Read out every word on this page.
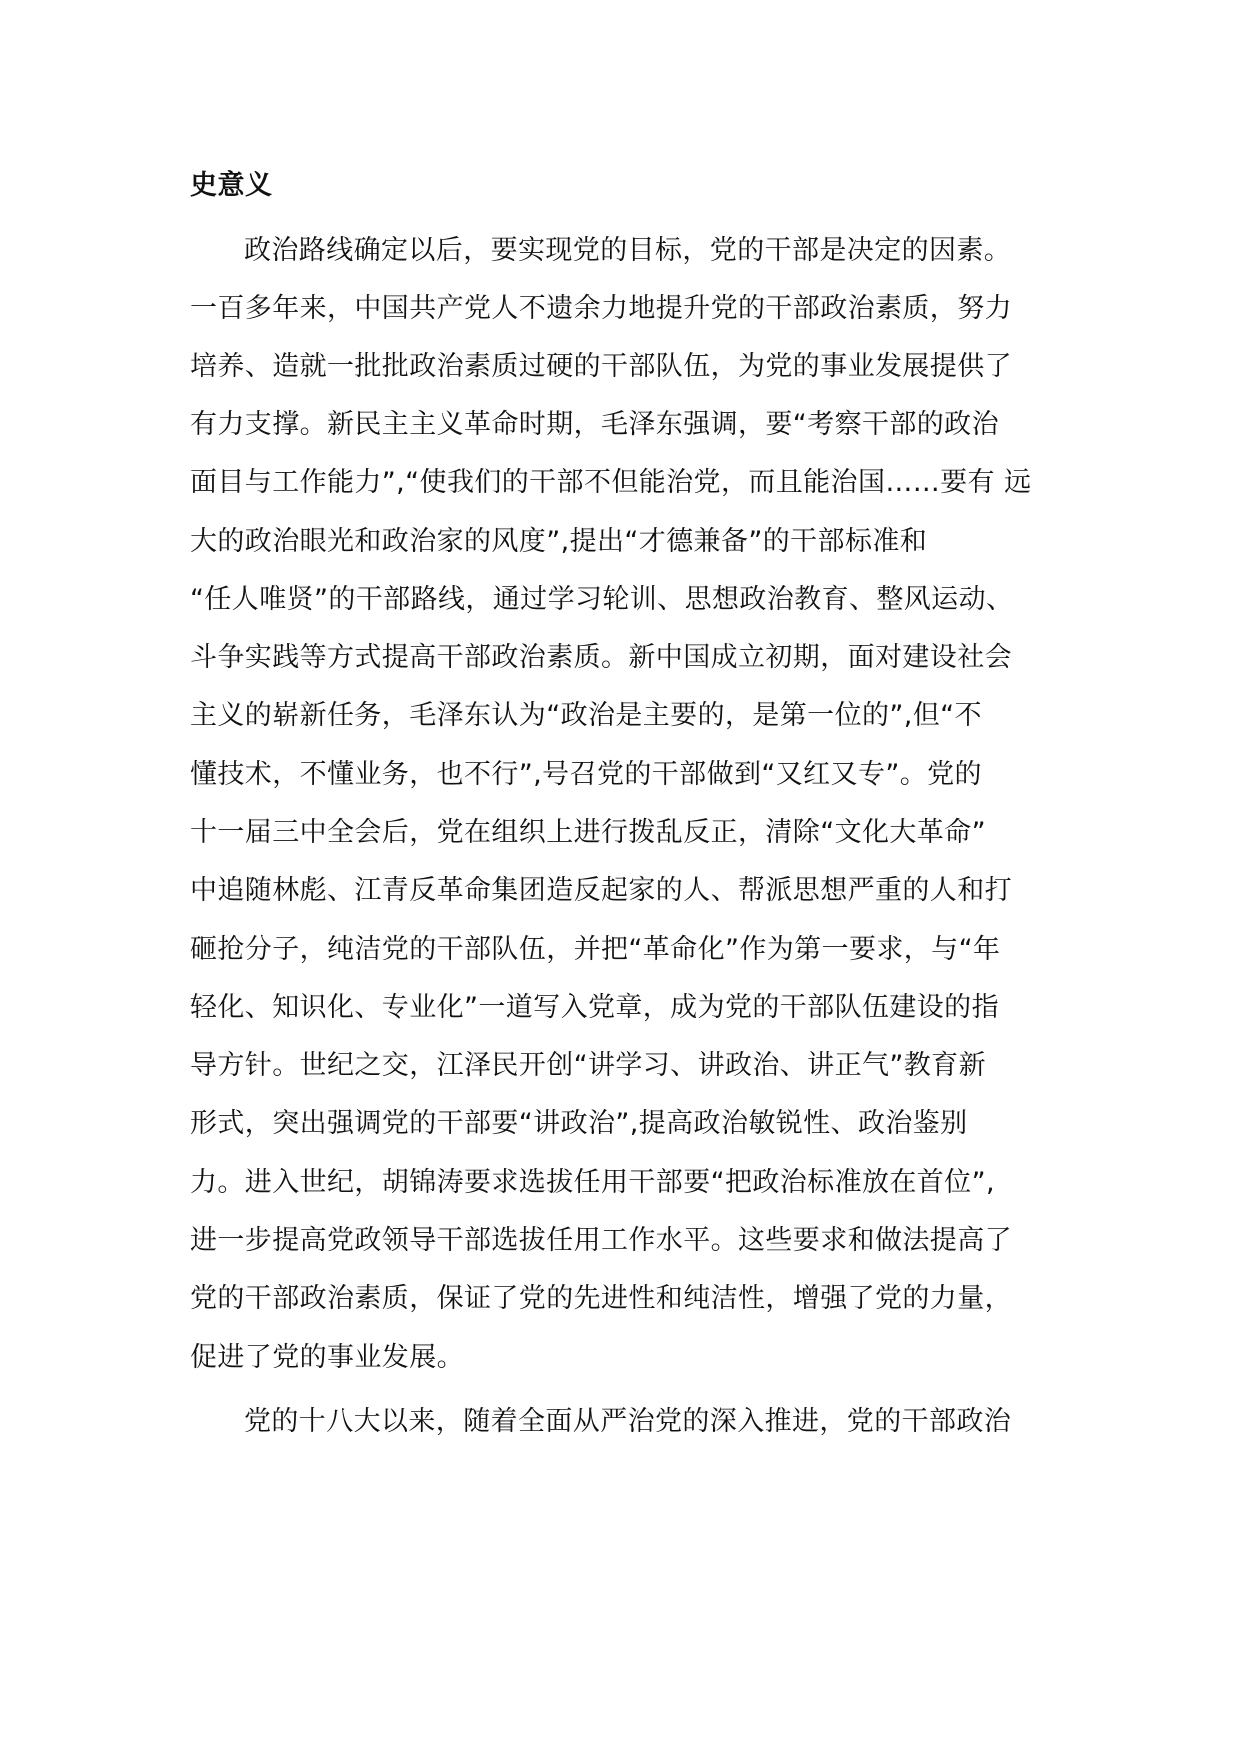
史意义

政治路线确定以后，要实现党的目标，党的干部是决定的因素。

一百多年来，中国共产党人不遗余力地提升党的干部政治素质，努力

培养、造就一批批政治素质过硬的干部队伍，为党的事业发展提供了

有力支撑。新民主主义革命时期，毛泽东强调，要“考察干部的政治

面目与工作能力”,“使我们的干部不但能治党，而且能治国……要有 远

大的政治眼光和政治家的风度”,提出“才德兼备”的干部标准和

“任人唯贤”的干部路线，通过学习轮训、思想政治教育、整风运动、

斗争实践等方式提高干部政治素质。新中国成立初期，面对建设社会

主义的崭新任务，毛泽东认为“政治是主要的，是第一位的”,但“不

懂技术，不懂业务，也不行”,号召党的干部做到“又红又专”。党的

十一届三中全会后，党在组织上进行拨乱反正，清除“文化大革命”

中追随林彪、江青反革命集团造反起家的人、帮派思想严重的人和打

砸抢分子，纯洁党的干部队伍，并把“革命化”作为第一要求，与“年

轻化、知识化、专业化”一道写入党章，成为党的干部队伍建设的指

导方针。世纪之交，江泽民开创“讲学习、讲政治、讲正气”教育新

形式，突出强调党的干部要“讲政治”,提高政治敏锐性、政治鉴别

力。进入世纪，胡锦涛要求选拔任用干部要“把政治标准放在首位”,

进一步提高党政领导干部选拔任用工作水平。这些要求和做法提高了

党的干部政治素质，保证了党的先进性和纯洁性，增强了党的力量，

促进了党的事业发展。

党的十八大以来，随着全面从严治党的深入推进，党的干部政治
